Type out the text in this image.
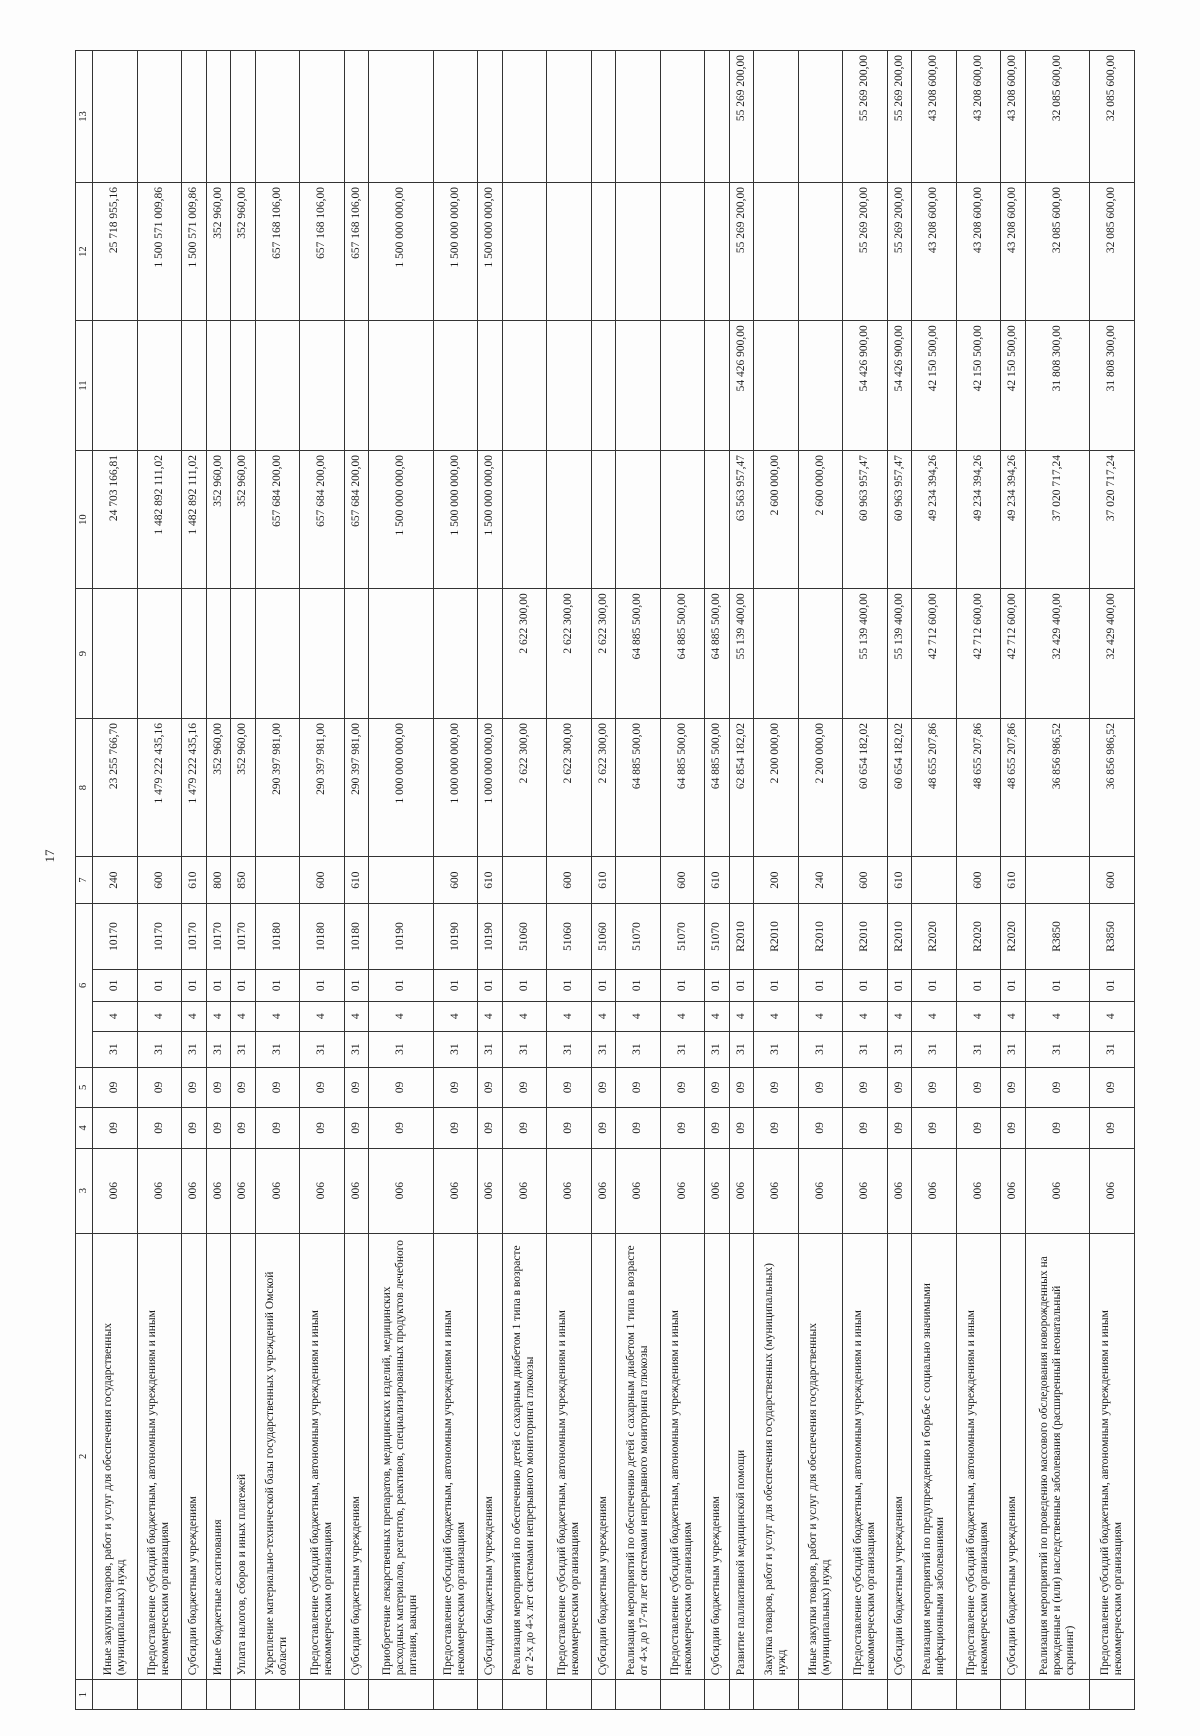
17
1	2	3	4	5	6				7	8	9	10	11	12	13
	Иные закупки товаров, работ и услуг для обеспечения государственных (муниципальных) нужд	006	09	09	31	4	01	10170	240	23 255 766,70		24 703 166,81		25 718 955,16	
	Предоставление субсидий бюджетным, автономным учреждениям и иным некоммерческим организациям	006	09	09	31	4	01	10170	600	1 479 222 435,16		1 482 892 111,02		1 500 571 009,86	
	Субсидии бюджетным учреждениям	006	09	09	31	4	01	10170	610	1 479 222 435,16		1 482 892 111,02		1 500 571 009,86	
	Иные бюджетные ассигнования	006	09	09	31	4	01	10170	800	352 960,00		352 960,00		352 960,00	
	Уплата налогов, сборов и иных платежей	006	09	09	31	4	01	10170	850	352 960,00		352 960,00		352 960,00	
	Укрепление материально-технической базы государственных учреждений Омской области	006	09	09	31	4	01	10180		290 397 981,00		657 684 200,00		657 168 106,00	
	Предоставление субсидий бюджетным, автономным учреждениям и иным некоммерческим организациям	006	09	09	31	4	01	10180	600	290 397 981,00		657 684 200,00		657 168 106,00	
	Субсидии бюджетным учреждениям	006	09	09	31	4	01	10180	610	290 397 981,00		657 684 200,00		657 168 106,00	
	Приобретение лекарственных препаратов, медицинских изделий, медицинских расходных материалов, реагентов, реактивов, специализированных продуктов лечебного питания, вакцин	006	09	09	31	4	01	10190		1 000 000 000,00		1 500 000 000,00		1 500 000 000,00	
	Предоставление субсидий бюджетным, автономным учреждениям и иным некоммерческим организациям	006	09	09	31	4	01	10190	600	1 000 000 000,00		1 500 000 000,00		1 500 000 000,00	
	Субсидии бюджетным учреждениям	006	09	09	31	4	01	10190	610	1 000 000 000,00		1 500 000 000,00		1 500 000 000,00	
	Реализация мероприятий по обеспечению детей с сахарным диабетом 1 типа в возрасте от 2-х до 4-х лет системами непрерывного мониторинга глюкозы	006	09	09	31	4	01	51060		2 622 300,00	2 622 300,00				
	Предоставление субсидий бюджетным, автономным учреждениям и иным некоммерческим организациям	006	09	09	31	4	01	51060	600	2 622 300,00	2 622 300,00				
	Субсидии бюджетным учреждениям	006	09	09	31	4	01	51060	610	2 622 300,00	2 622 300,00				
	Реализация мероприятий по обеспечению детей с сахарным диабетом 1 типа в возрасте от 4-х до 17-ти лет системами непрерывного мониторинга глюкозы	006	09	09	31	4	01	51070		64 885 500,00	64 885 500,00				
	Предоставление субсидий бюджетным, автономным учреждениям и иным некоммерческим организациям	006	09	09	31	4	01	51070	600	64 885 500,00	64 885 500,00				
	Субсидии бюджетным учреждениям	006	09	09	31	4	01	51070	610	64 885 500,00	64 885 500,00				
	Развитие паллиативной медицинской помощи	006	09	09	31	4	01	R2010		62 854 182,02	55 139 400,00	63 563 957,47	54 426 900,00	55 269 200,00	55 269 200,00
	Закупка товаров, работ и услуг для обеспечения государственных (муниципальных) нужд	006	09	09	31	4	01	R2010	200	2 200 000,00		2 600 000,00			
	Иные закупки товаров, работ и услуг для обеспечения государственных (муниципальных) нужд	006	09	09	31	4	01	R2010	240	2 200 000,00		2 600 000,00			
	Предоставление субсидий бюджетным, автономным учреждениям и иным некоммерческим организациям	006	09	09	31	4	01	R2010	600	60 654 182,02	55 139 400,00	60 963 957,47	54 426 900,00	55 269 200,00	55 269 200,00
	Субсидии бюджетным учреждениям	006	09	09	31	4	01	R2010	610	60 654 182,02	55 139 400,00	60 963 957,47	54 426 900,00	55 269 200,00	55 269 200,00
	Реализация мероприятий по предупреждению и борьбе с социально значимыми инфекционными заболеваниями	006	09	09	31	4	01	R2020		48 655 207,86	42 712 600,00	49 234 394,26	42 150 500,00	43 208 600,00	43 208 600,00
	Предоставление субсидий бюджетным, автономным учреждениям и иным некоммерческим организациям	006	09	09	31	4	01	R2020	600	48 655 207,86	42 712 600,00	49 234 394,26	42 150 500,00	43 208 600,00	43 208 600,00
	Субсидии бюджетным учреждениям	006	09	09	31	4	01	R2020	610	48 655 207,86	42 712 600,00	49 234 394,26	42 150 500,00	43 208 600,00	43 208 600,00
	Реализация мероприятий по проведению массового обследования новорожденных на врожденные и (или) наследственные заболевания (расширенный неонатальный скрининг)	006	09	09	31	4	01	R3850		36 856 986,52	32 429 400,00	37 020 717,24	31 808 300,00	32 085 600,00	32 085 600,00
	Предоставление субсидий бюджетным, автономным учреждениям и иным некоммерческим организациям	006	09	09	31	4	01	R3850	600	36 856 986,52	32 429 400,00	37 020 717,24	31 808 300,00	32 085 600,00	32 085 600,00
